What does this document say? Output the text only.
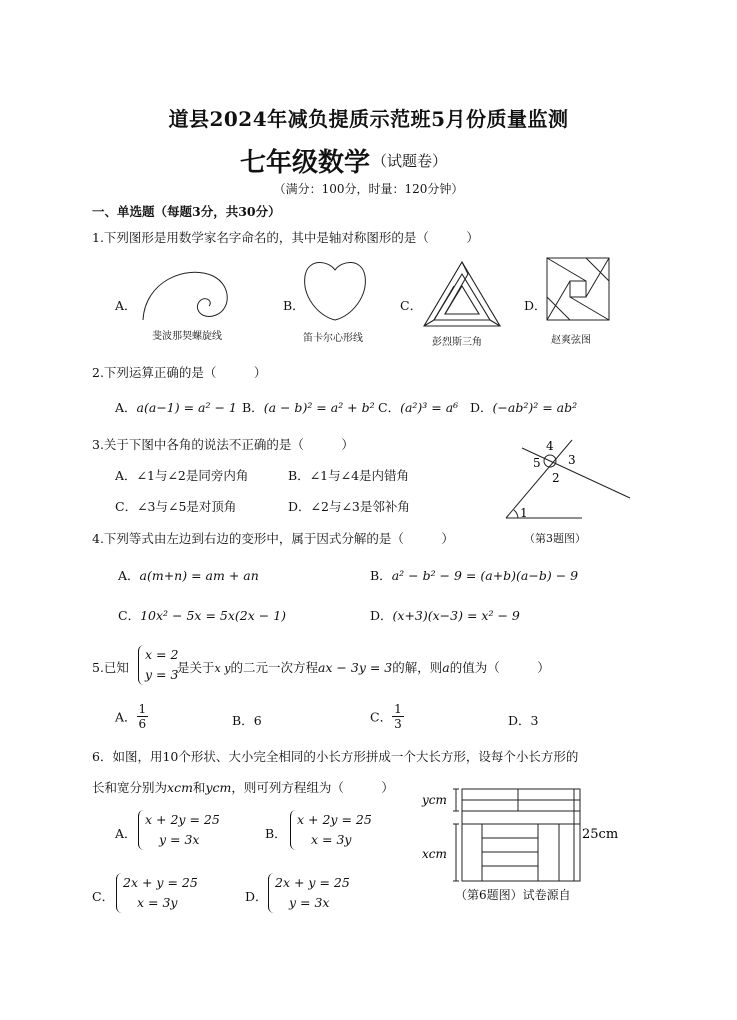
道县2024年减负提质示范班5月份质量监测
七年级数学 （试题卷）
（满分：100分，时量：120分钟）
一、单选题（每题3分，共30分）
1.下列图形是用数学家名字命名的，其中是轴对称图形的是（　　　）
A．
斐波那契螺旋线
B．
笛卡尔心形线
C．
彭烈斯三角
D．
赵爽弦图
2.下列运算正确的是（　　　）
A．a(a−1) = a² − 1 B．(a − b)² = a² + b² C．(a²)³ = a⁶ D．(−ab²)² = ab²
3.关于下图中各角的说法不正确的是（　　　）
A．∠1与∠2是同旁内角	B．∠1与∠4是内错角
C．∠3与∠5是对顶角	D．∠2与∠3是邻补角
4
5 3
2
1
4.下列等式由左边到右边的变形中，属于因式分解的是（　　　）	（第3题图）
A．a(m+n) = am + an	B．a² − b² − 9 = (a+b)(a−b) − 9
C．10x² − 5x = 5x(2x − 1)	D．(x+3)(x−3) = x² − 9
5.已知
x = 2
y = 3
是关于x y的二元一次方程ax − 3y = 3的解，则a的值为（　　　）
A． $\frac{1}{6}$	B．6	C． $\frac{1}{3}$	D．3
6．如图，用10个形状、大小完全相同的小长方形拼成一个大长方形，设每个小长方形的
长和宽分别为xcm和ycm，则可列方程组为（　　　）
A．
x + 2y = 25
y = 3x	B．
x + 2y = 25
x = 3y
C．
2x + y = 25
x = 3y	D．
2x + y = 25
y = 3x
ycm
xcm
25cm
（第6题图）试卷源自
